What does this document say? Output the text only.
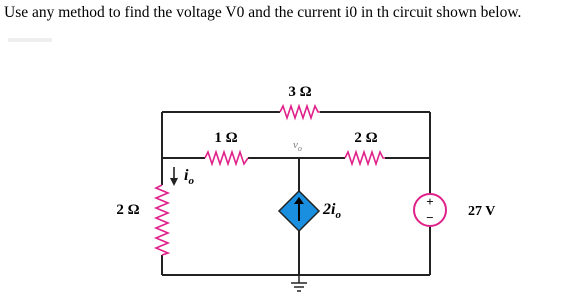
Use any method to find the voltage V0 and the current i0 in th circuit shown below.
+
−
3 Ω
1 Ω	2 Ω
2 Ω
$v_o$
$i_o$
$2i_o$	27 V
